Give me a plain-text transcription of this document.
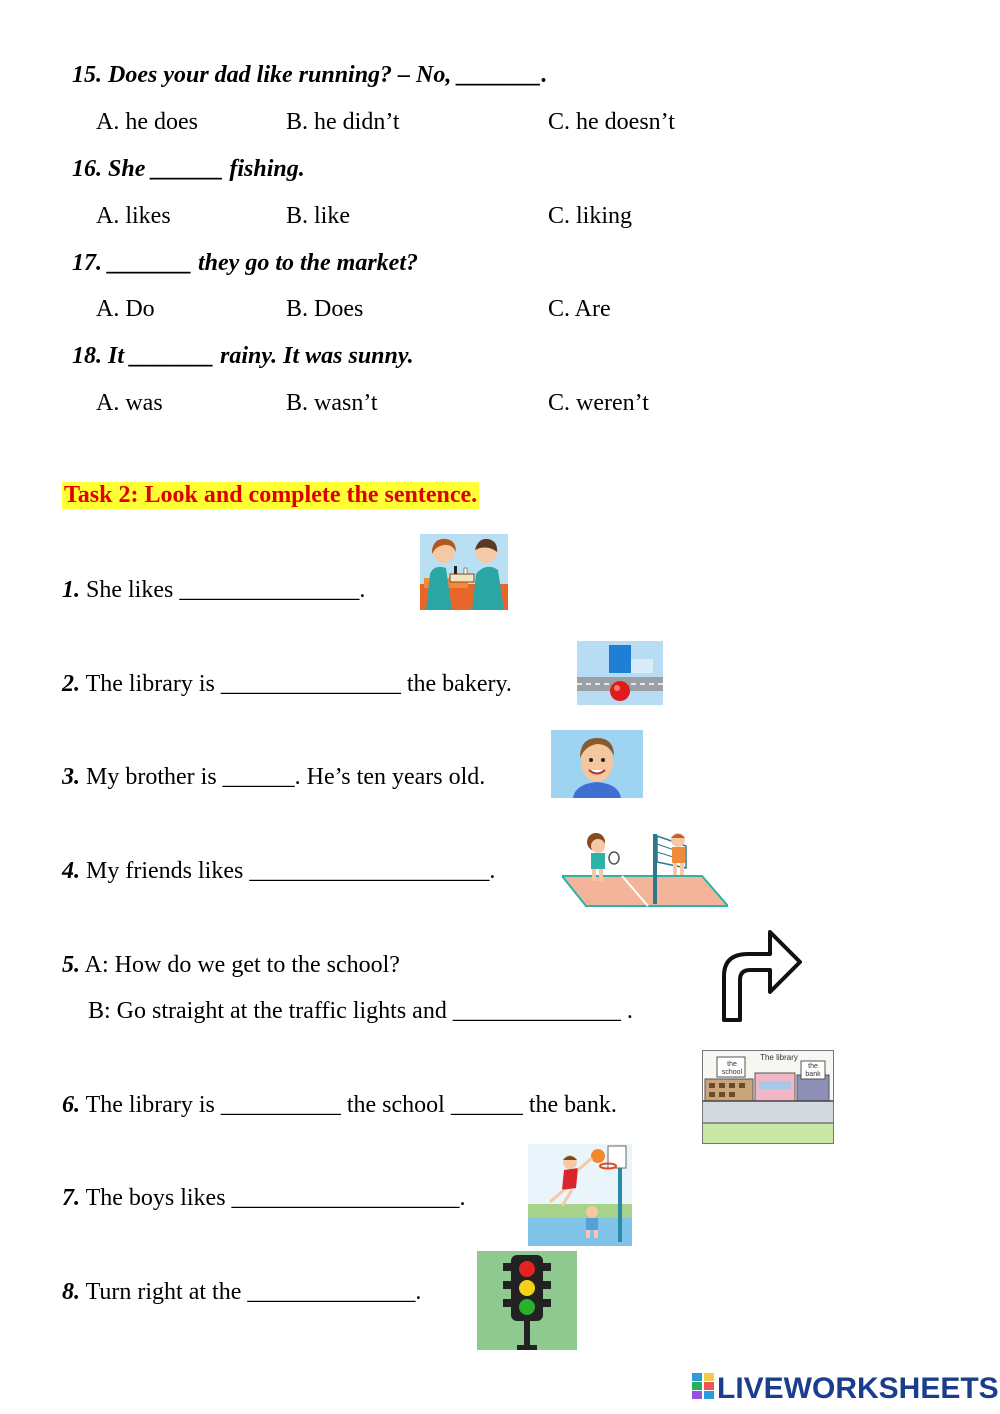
15. Does your dad like running? – No, _______.
A. he does	B. he didn’t	C. he doesn’t
16. She ______ fishing.
A. likes	B. like	C. liking
17. _______ they go to the market?
A. Do	B. Does	C. Are
18. It _______ rainy. It was sunny.
A. was	B. wasn’t	C. weren’t
Task 2: Look and complete the sentence.
1. She likes _______________.
2. The library is _______________ the bakery.
3. My brother is ______. He’s ten years old.
4. My friends likes ____________________.
5. A: How do we get to the school?
B: Go straight at the traffic lights and ______________ .
6. The library is __________ the school ______ the bank.
7. The boys likes ___________________.
8. Turn right at the ______________.
the school
The library
the bank
LIVEWORKSHEETS
